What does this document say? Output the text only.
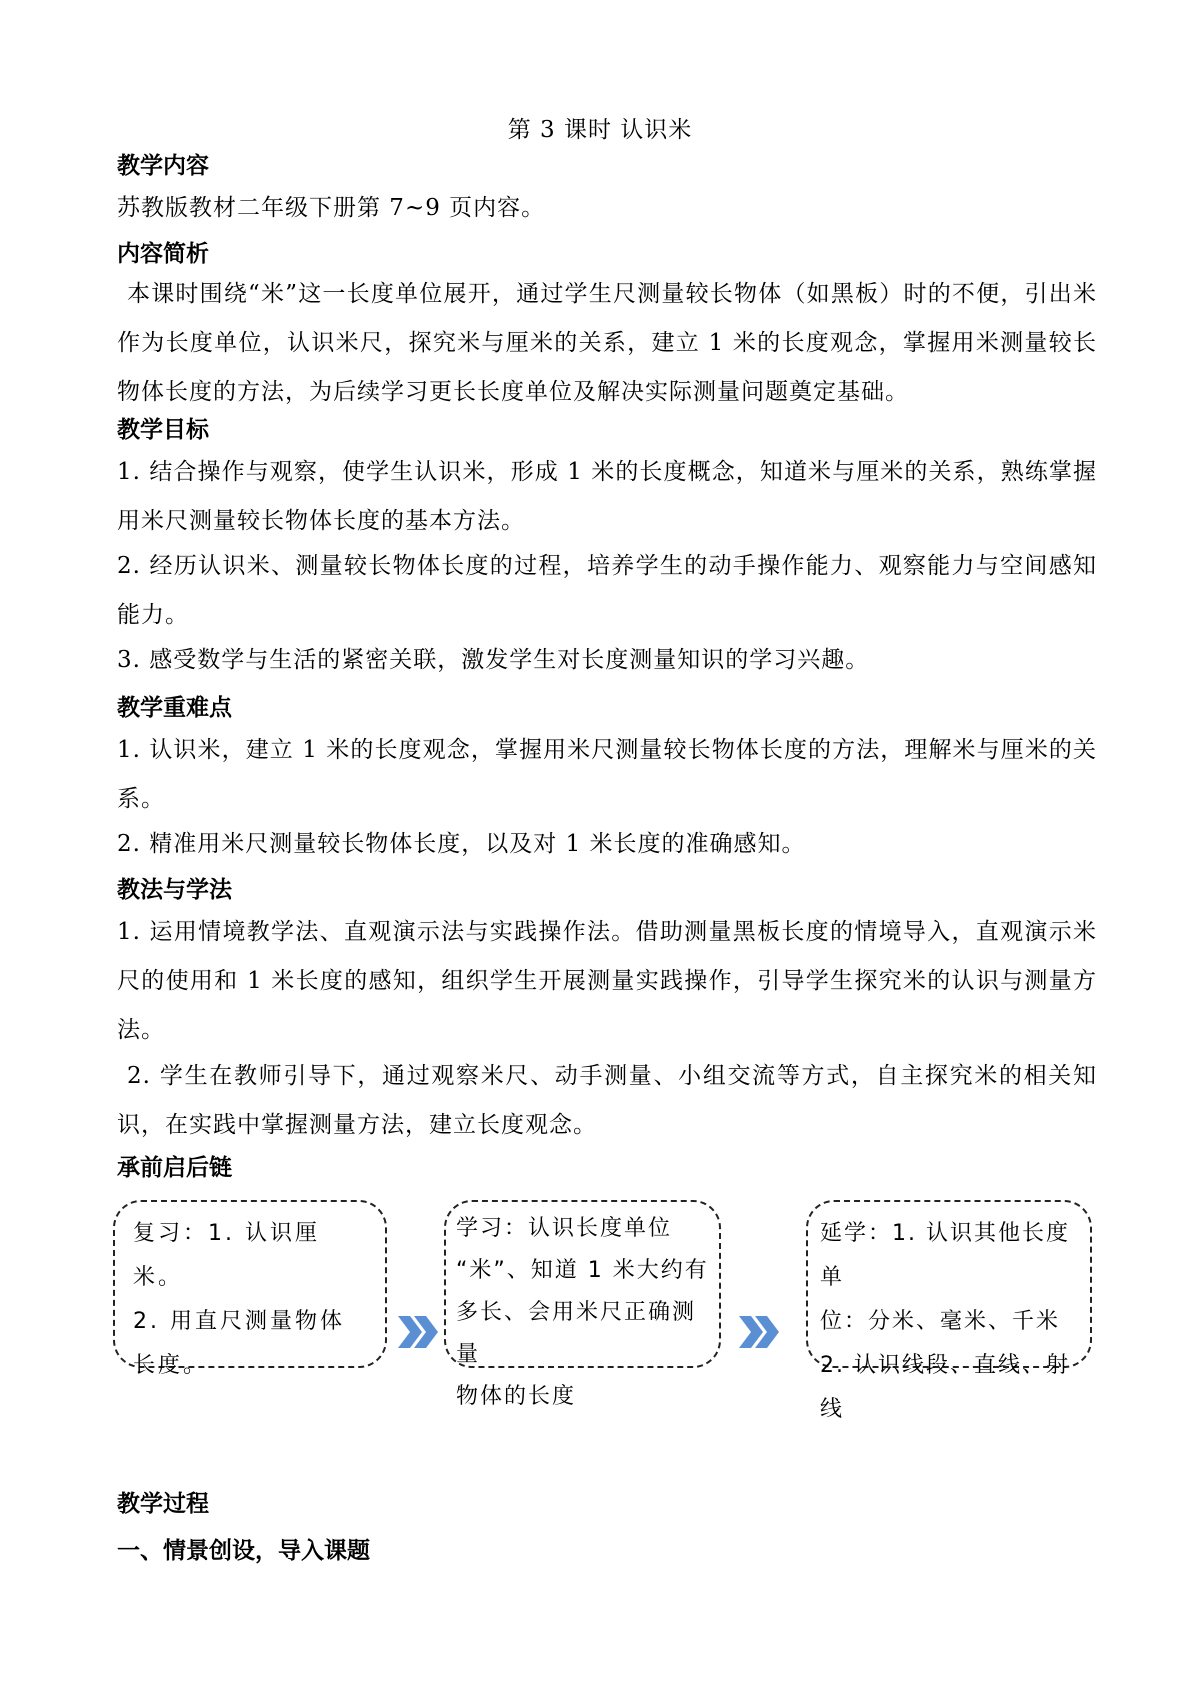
第 3 课时 认识米
教学内容
苏教版教材二年级下册第 7~9 页内容。
内容简析
本课时围绕“米”这一长度单位展开，通过学生尺测量较长物体（如黑板）时的不便，引出米作为长度单位，认识米尺，探究米与厘米的关系，建立 1 米的长度观念，掌握用米测量较长物体长度的方法，为后续学习更长长度单位及解决实际测量问题奠定基础。
教学目标
1. 结合操作与观察，使学生认识米，形成 1 米的长度概念，知道米与厘米的关系，熟练掌握用米尺测量较长物体长度的基本方法。
2. 经历认识米、测量较长物体长度的过程，培养学生的动手操作能力、观察能力与空间感知能力。
3. 感受数学与生活的紧密关联，激发学生对长度测量知识的学习兴趣。
教学重难点
1. 认识米，建立 1 米的长度观念，掌握用米尺测量较长物体长度的方法，理解米与厘米的关系。
2. 精准用米尺测量较长物体长度，以及对 1 米长度的准确感知。
教法与学法
1. 运用情境教学法、直观演示法与实践操作法。借助测量黑板长度的情境导入，直观演示米尺的使用和 1 米长度的感知，组织学生开展测量实践操作，引导学生探究米的认识与测量方法。
2. 学生在教师引导下，通过观察米尺、动手测量、小组交流等方式，自主探究米的相关知识，在实践中掌握测量方法，建立长度观念。
承前启后链
复习：1. 认识厘米。
2. 用直尺测量物体
长度。
学习：认识长度单位
“米”、知道 1 米大约有
多长、会用米尺正确测量
物体的长度
延学：1. 认识其他长度单
位：分米、毫米、千米
2. 认识线段、直线、射线
教学过程
一、情景创设，导入课题
